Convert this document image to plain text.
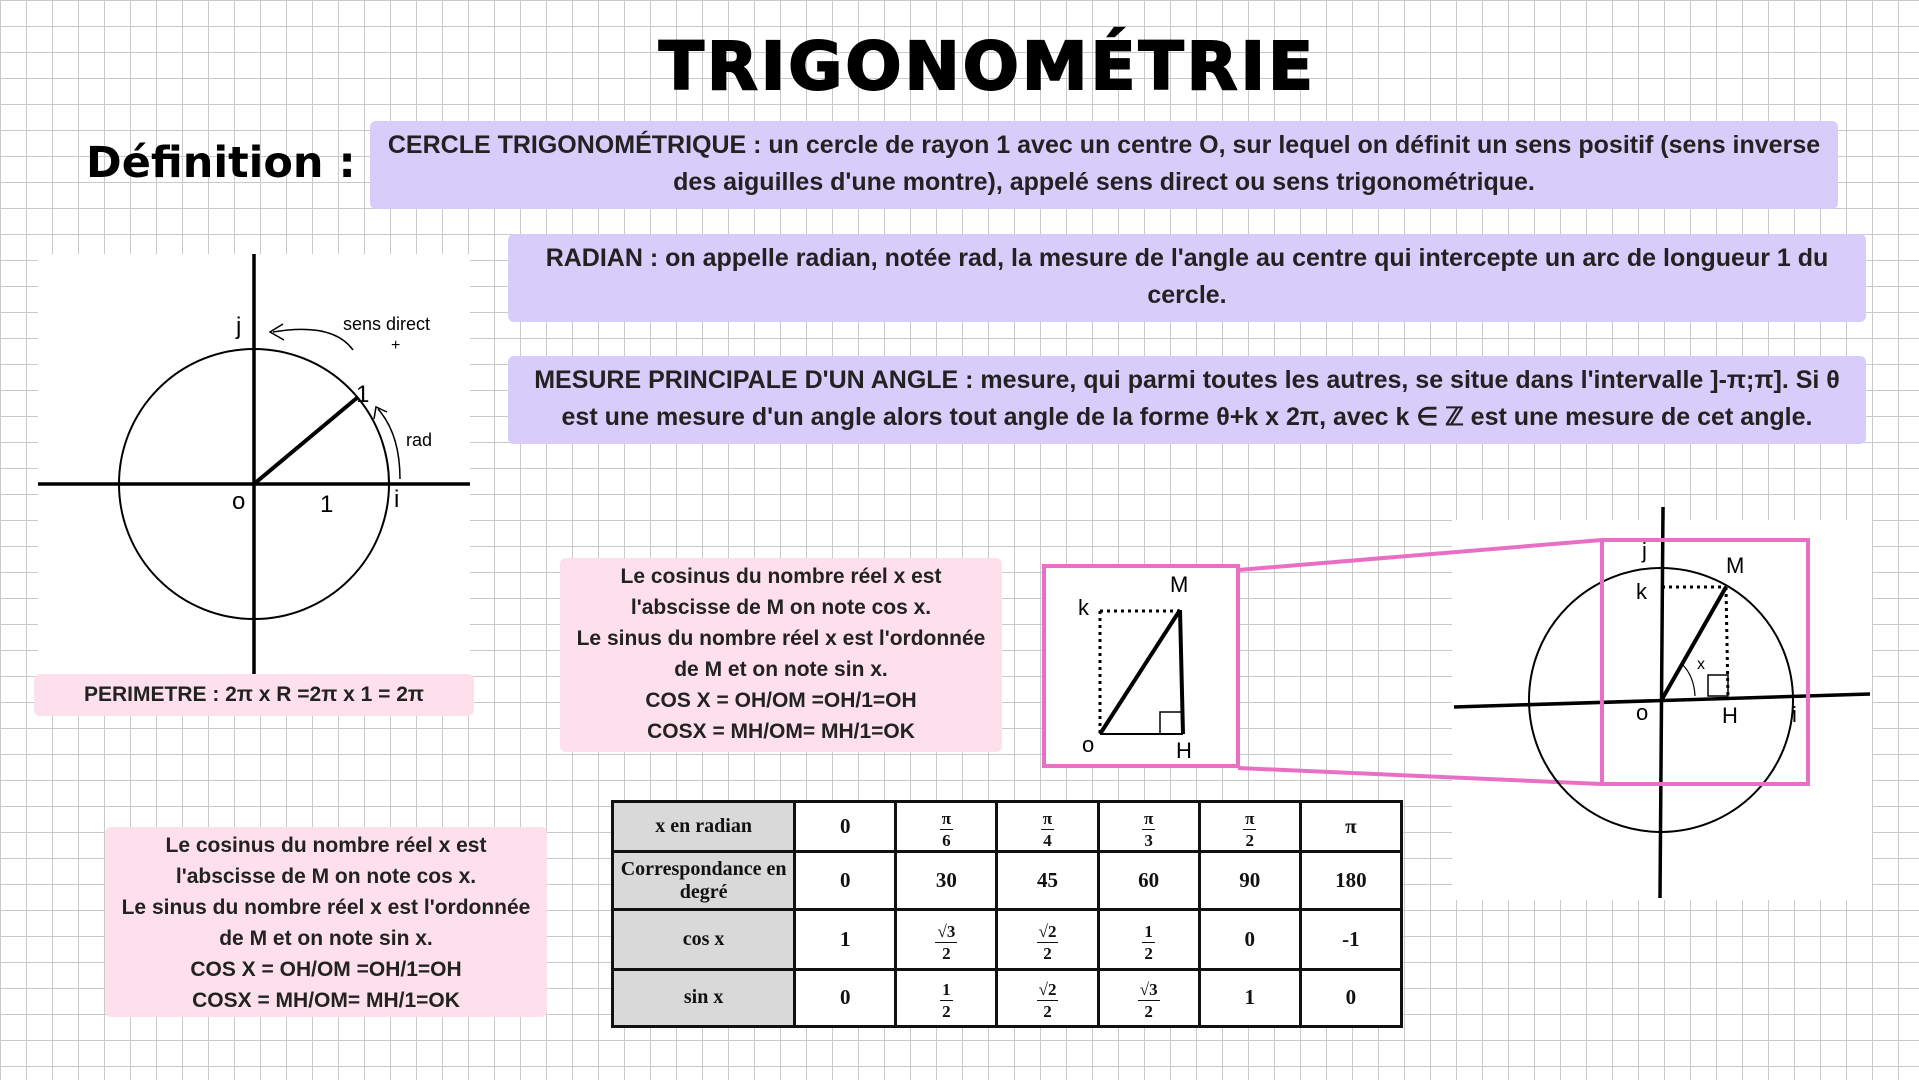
TRIGONOMÉTRIE
Définition :	CERCLE TRIGONOMÉTRIQUE : un cercle de rayon 1 avec un centre O, sur lequel on définit un sens positif (sens inverse des aiguilles d'une montre), appelé sens direct ou sens trigonométrique.
RADIAN : on appelle radian, notée rad, la mesure de l'angle au centre qui intercepte un arc de longueur 1 du cercle.
MESURE PRINCIPALE D'UN ANGLE : mesure, qui parmi toutes les autres, se situe dans l'intervalle ]-π;π]. Si θ est une mesure d'un angle alors tout angle de la forme θ+k x 2π, avec k ∈ ℤ est une mesure de cet angle.
j
i
o
1
1
sens direct
+
rad
PERIMETRE : 2π x R =2π x 1 = 2π
Le cosinus du nombre réel x est
l'abscisse de M on note cos x.
Le sinus du nombre réel x est l'ordonnée
de M et on note sin x.
COS X = OH/OM =OH/1=OH
COSX = MH/OM= MH/1=OK
Le cosinus du nombre réel x est
l'abscisse de M on note cos x.
Le sinus du nombre réel x est l'ordonnée
de M et on note sin x.
COS X = OH/OM =OH/1=OH
COSX = MH/OM= MH/1=OK
k
M
o	H
j
k
M
x
o	H i
x en radian	0	$\frac{\pi}{6}$	$\frac{\pi}{4}$	$\frac{\pi}{3}$	$\frac{\pi}{2}$	π
Correspondance en degré	0	30	45	60	90	180
cos x	1	$\frac{√3}{2}$	$\frac{√2}{2}$	$\frac{1}{2}$	0	-1
sin x	0	$\frac{1}{2}$	$\frac{√2}{2}$	$\frac{√3}{2}$	1	0
